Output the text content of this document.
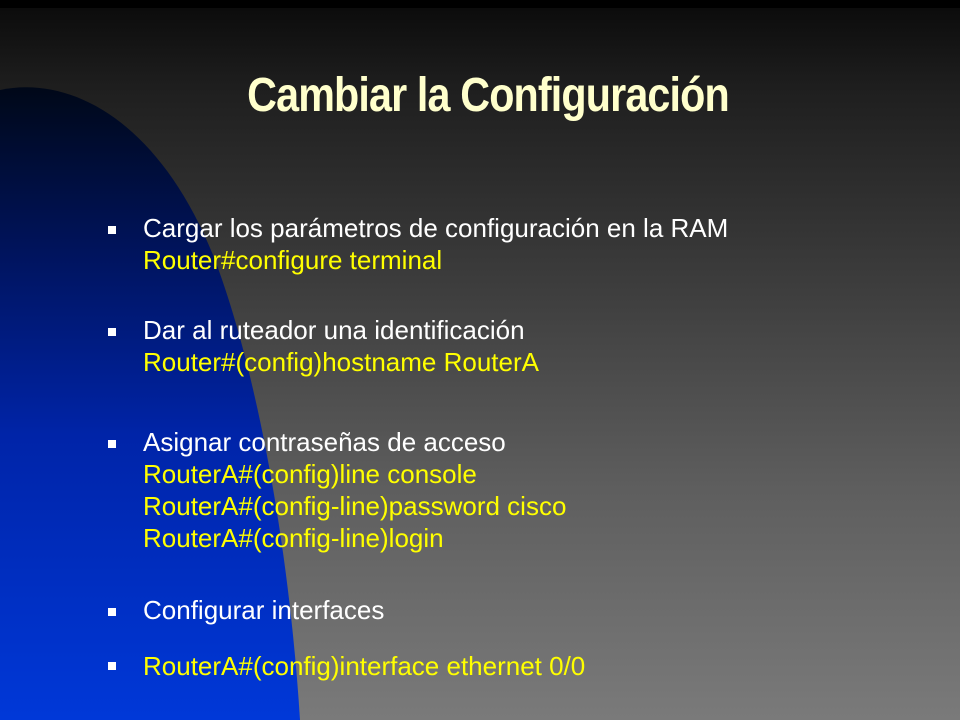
Cambiar la Configuración
Cargar los parámetros de configuración en la RAM
Router#configure terminal
Dar al ruteador una identificación
Router#(config)hostname RouterA
Asignar contraseñas de acceso
RouterA#(config)line console
RouterA#(config-line)password cisco
RouterA#(config-line)login
Configurar interfaces
RouterA#(config)interface ethernet 0/0
